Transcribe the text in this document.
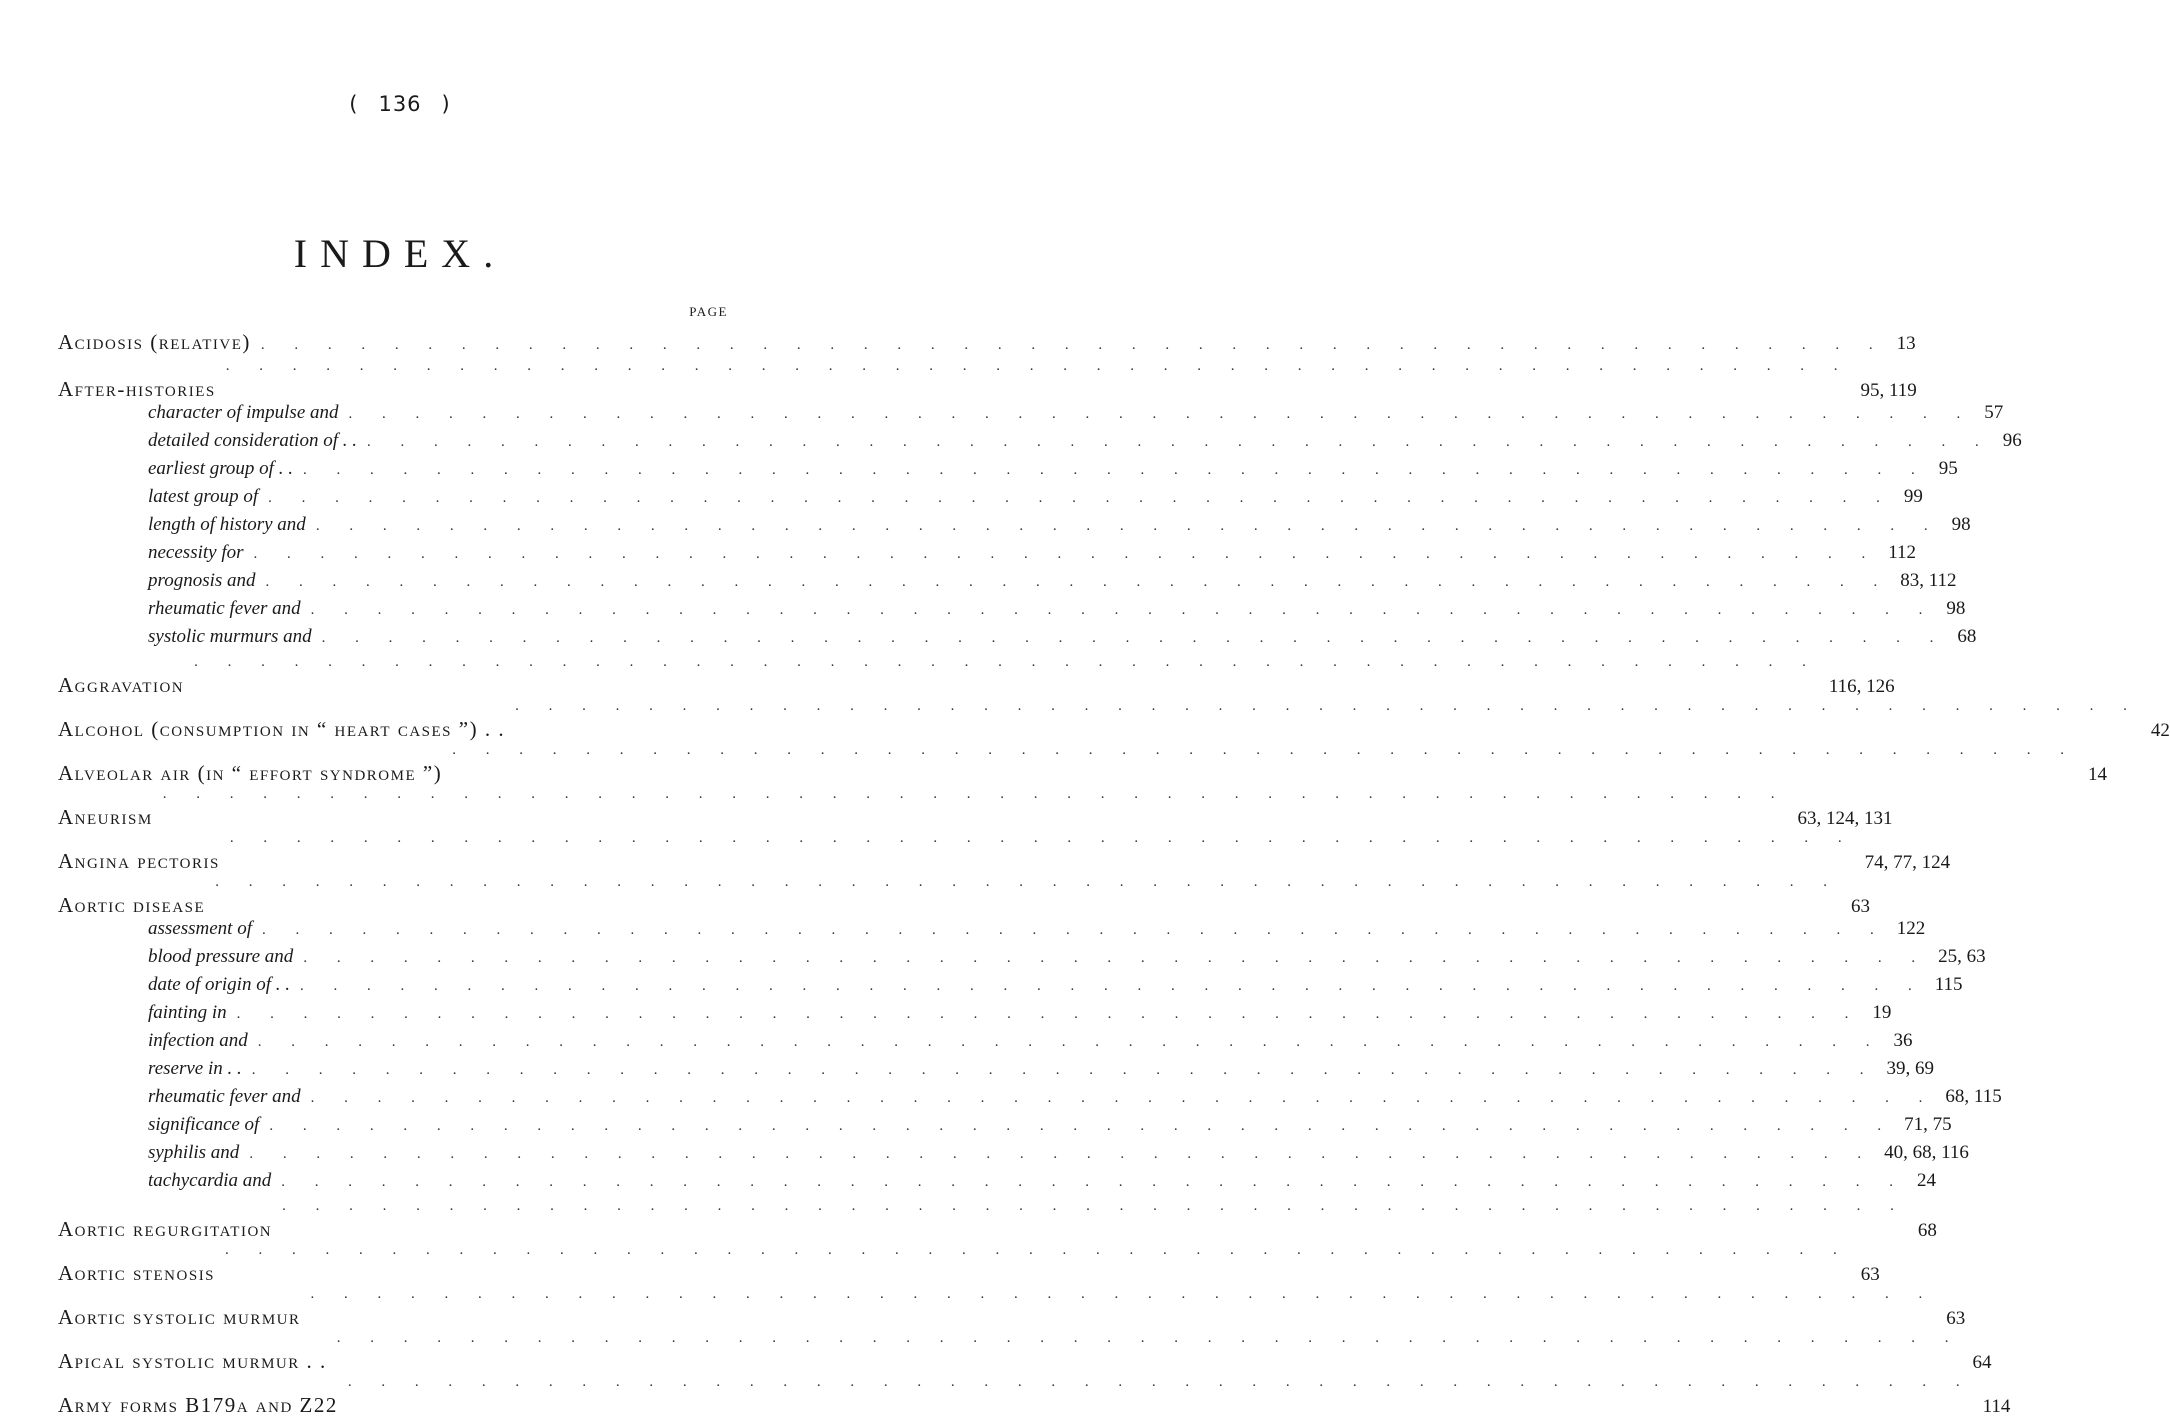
( 136 )
INDEX.
PAGE
Acidosis (relative) . . . . . . . . . . . . . . . . . . . . . . . . . . . . . . . . . . . . . . . . . . . . . . . . . 13
After-histories
. . . . . . . . . . . . . . . . . . . . . . . . . . . . . . . . . . . . . . . . . . . . . . . . .
95, 119
character of impulse and . . . . . . . . . . . . . . . . . . . . . . . . . . . . . . . . . . . . . . . . . . . . . . . . . 57
detailed consideration of . . . . . . . . . . . . . . . . . . . . . . . . . . . . . . . . . . . . . . . . . . . . . . . . . . . 96
earliest group of . . . . . . . . . . . . . . . . . . . . . . . . . . . . . . . . . . . . . . . . . . . . . . . . . . . 95
latest group of . . . . . . . . . . . . . . . . . . . . . . . . . . . . . . . . . . . . . . . . . . . . . . . . . 99
length of history and . . . . . . . . . . . . . . . . . . . . . . . . . . . . . . . . . . . . . . . . . . . . . . . . . 98
necessity for . . . . . . . . . . . . . . . . . . . . . . . . . . . . . . . . . . . . . . . . . . . . . . . . . 112
prognosis and . . . . . . . . . . . . . . . . . . . . . . . . . . . . . . . . . . . . . . . . . . . . . . . . . 83, 112
rheumatic fever and . . . . . . . . . . . . . . . . . . . . . . . . . . . . . . . . . . . . . . . . . . . . . . . . . 98
systolic murmurs and . . . . . . . . . . . . . . . . . . . . . . . . . . . . . . . . . . . . . . . . . . . . . . . . . 68
Aggravation
. . . . . . . . . . . . . . . . . . . . . . . . . . . . . . . . . . . . . . . . . . . . . . . . .
116, 126
Alcohol (consumption in “ heart cases ”) . .
. . . . . . . . . . . . . . . . . . . . . . . . . . . . . . . . . . . . . . . . . . . . . . . . .
42
Alveolar air (in “ effort syndrome ”)
. . . . . . . . . . . . . . . . . . . . . . . . . . . . . . . . . . . . . . . . . . . . . . . . .
14
Aneurism
. . . . . . . . . . . . . . . . . . . . . . . . . . . . . . . . . . . . . . . . . . . . . . . . .
63, 124, 131
Angina pectoris
. . . . . . . . . . . . . . . . . . . . . . . . . . . . . . . . . . . . . . . . . . . . . . . . .
74, 77, 124
Aortic disease
. . . . . . . . . . . . . . . . . . . . . . . . . . . . . . . . . . . . . . . . . . . . . . . . .
63
assessment of . . . . . . . . . . . . . . . . . . . . . . . . . . . . . . . . . . . . . . . . . . . . . . . . . 122
blood pressure and . . . . . . . . . . . . . . . . . . . . . . . . . . . . . . . . . . . . . . . . . . . . . . . . . 25, 63
date of origin of . . . . . . . . . . . . . . . . . . . . . . . . . . . . . . . . . . . . . . . . . . . . . . . . . . . 115
fainting in . . . . . . . . . . . . . . . . . . . . . . . . . . . . . . . . . . . . . . . . . . . . . . . . . 19
infection and . . . . . . . . . . . . . . . . . . . . . . . . . . . . . . . . . . . . . . . . . . . . . . . . . 36
reserve in . . . . . . . . . . . . . . . . . . . . . . . . . . . . . . . . . . . . . . . . . . . . . . . . . . . 39, 69
rheumatic fever and . . . . . . . . . . . . . . . . . . . . . . . . . . . . . . . . . . . . . . . . . . . . . . . . . 68, 115
significance of . . . . . . . . . . . . . . . . . . . . . . . . . . . . . . . . . . . . . . . . . . . . . . . . . 71, 75
syphilis and . . . . . . . . . . . . . . . . . . . . . . . . . . . . . . . . . . . . . . . . . . . . . . . . . 40, 68, 116
tachycardia and . . . . . . . . . . . . . . . . . . . . . . . . . . . . . . . . . . . . . . . . . . . . . . . . . 24
Aortic regurgitation
. . . . . . . . . . . . . . . . . . . . . . . . . . . . . . . . . . . . . . . . . . . . . . . . .
68
Aortic stenosis
. . . . . . . . . . . . . . . . . . . . . . . . . . . . . . . . . . . . . . . . . . . . . . . . .
63
Aortic systolic murmur
. . . . . . . . . . . . . . . . . . . . . . . . . . . . . . . . . . . . . . . . . . . . . . . . .
63
Apical systolic murmur . .
. . . . . . . . . . . . . . . . . . . . . . . . . . . . . . . . . . . . . . . . . . . . . . . . .
64
Army forms B179a and Z22
. . . . . . . . . . . . . . . . . . . . . . . . . . . . . . . . . . . . . . . . . . . . . . . . .
114
